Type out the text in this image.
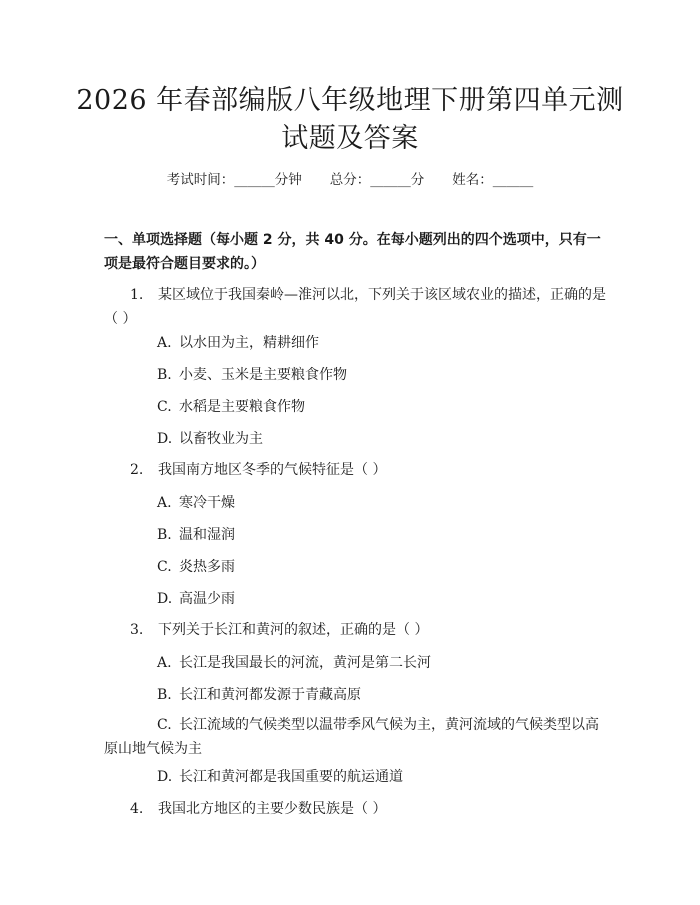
2026 年春部编版八年级地理下册第四单元测
试题及答案
考试时间：______分钟 总分：______分 姓名：______
一、单项选择题（每小题 2 分，共 40 分。在每小题列出的四个选项中，只有一项是最符合题目要求的。）
1. 某区域位于我国秦岭—淮河以北，下列关于该区域农业的描述，正确的是
（ ）
A. 以水田为主，精耕细作
B. 小麦、玉米是主要粮食作物
C. 水稻是主要粮食作物
D. 以畜牧业为主
2. 我国南方地区冬季的气候特征是（ ）
A. 寒冷干燥
B. 温和湿润
C. 炎热多雨
D. 高温少雨
3. 下列关于长江和黄河的叙述，正确的是（ ）
A. 长江是我国最长的河流，黄河是第二长河
B. 长江和黄河都发源于青藏高原
C. 长江流域的气候类型以温带季风气候为主，黄河流域的气候类型以高
原山地气候为主
D. 长江和黄河都是我国重要的航运通道
4. 我国北方地区的主要少数民族是（ ）
